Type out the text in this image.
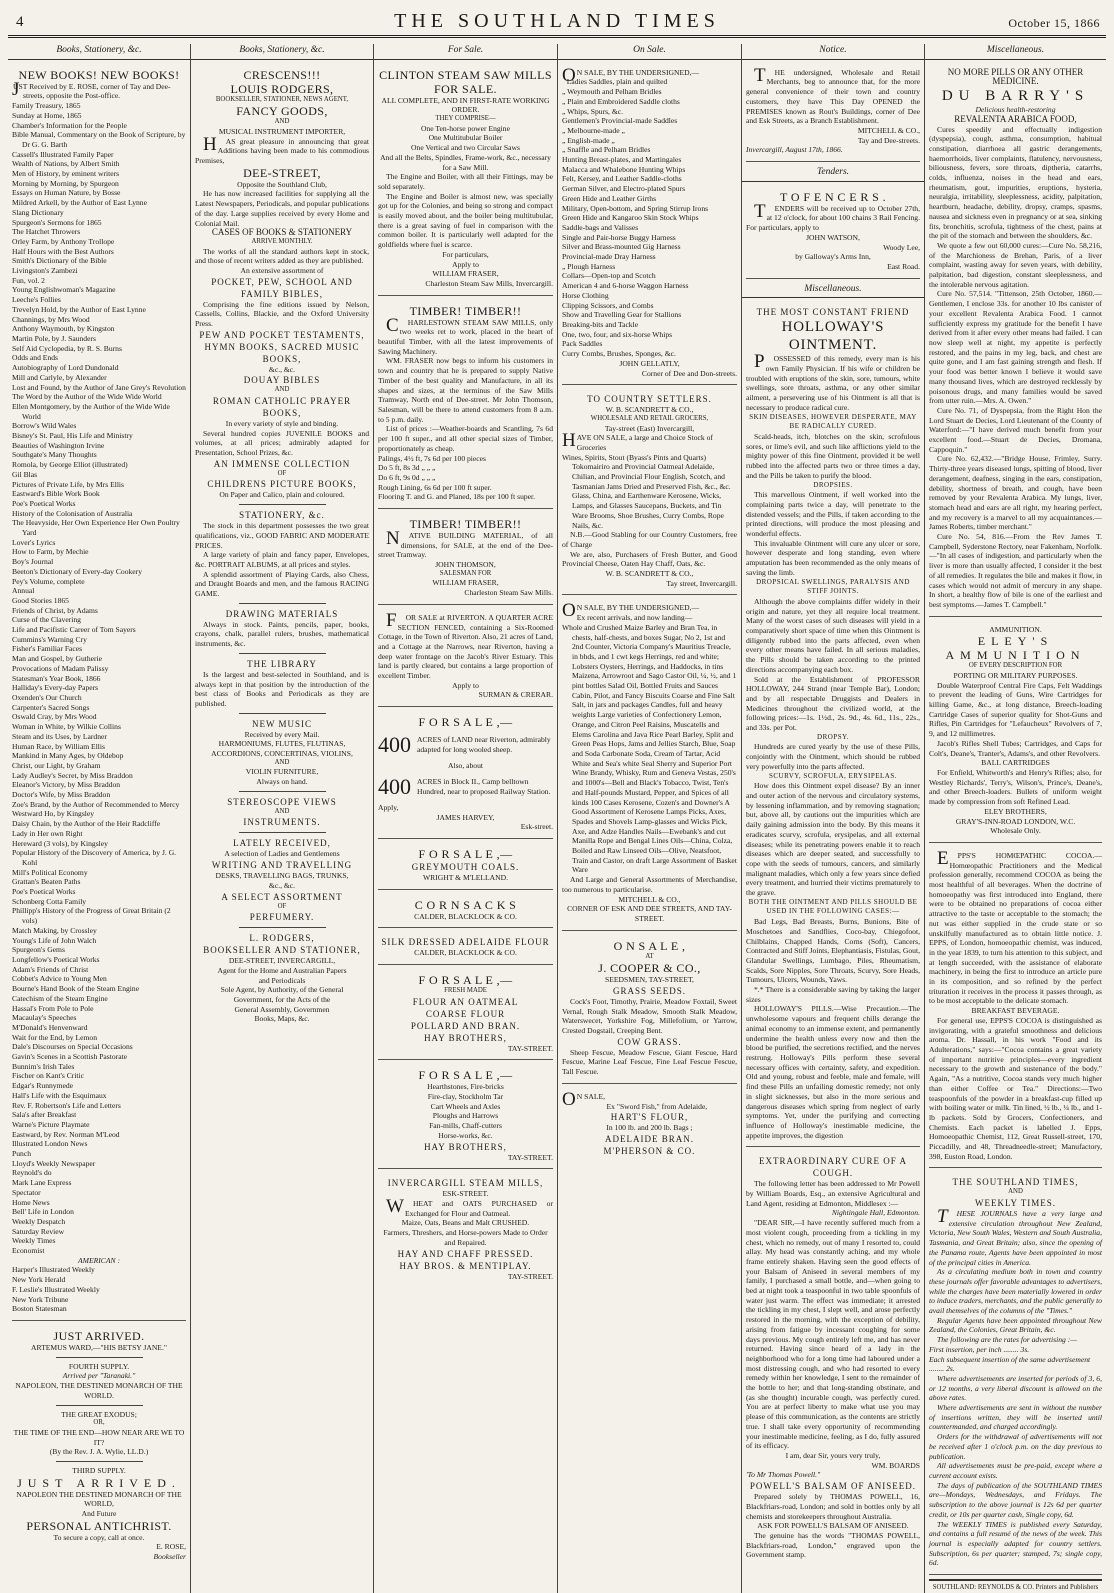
4	THE SOUTHLAND TIMES	October 15, 1866
Books, Stationery, &c.
NEW BOOKS! NEW BOOKS!

JUST Received by E. ROSE, corner of Tay and Dee-streets, opposite the Post-office.

Family Treasury, 1865
Sunday at Home, 1865
Chamber's Information for the People
Bible Manual, Commentary on the Book of Scripture, by Dr G. G. Barth
Cassell's Illustrated Family Paper
Wealth of Nations, by Albert Smith
Men of History, by eminent writers
Morning by Morning, by Spurgeon
Essays on Human Nature, by Bosse
Mildred Arkell, by the Author of East Lynne
Slang Dictionary
Spurgeon's Sermons for 1865
The Hatchet Throwers
Orley Farm, by Anthony Trollope
Half Hours with the Best Authors
Smith's Dictionary of the Bible
Livingston's Zambezi
Fun, vol. 2
Young Englishwoman's Magazine
Leeche's Follies
Trevelyn Hold, by the Author of East Lynne
Channings, by Mrs Wood
Anthony Waymouth, by Kingston
Martin Pole, by J. Saunders
Self Aid Cyclopedia, by R. S. Burns
Odds and Ends
Autobiography of Lord Dundonald
Mill and Carlyle, by Alexander
Lost and Found, by the Author of Jane Grey's Revolution
The Word by the Author of the Wide Wide World
Ellen Montgomery, by the Author of the Wide Wide World
Borrow's Wild Wales
Bisney's St. Paul, His Life and Ministry
Beauties of Washington Irvine
Southgate's Many Thoughts
Romola, by George Elliot (illustrated)
Gil Blas
Pictures of Private Life, by Mrs Ellis
Eastward's Bible Work Book
Poe's Poetical Works
History of the Colonisation of Australia
The Heavyside, Her Own Experience Her Own Poultry Yard
Lover's Lyrics
How to Farm, by Mechie
Boy's Journal
Beeton's Dictionary of Every-day Cookery
Pey's Volume, complete
Annual
Good Stories 1865
Friends of Christ, by Adams
Curse of the Clavering
Life and Pacifistic Career of Tom Sayers
Cummins's Warning Cry
Fisher's Familiar Faces
Man and Gospel, by Gutherie
Provocations of Madam Palissy
Statesman's Year Book, 1866
Halliday's Every-day Papers
Oxenden's Our Church
Carpenter's Sacred Songs
Oswald Cray, by Mrs Wood
Woman in White, by Wilkie Collins
Steam and its Uses, by Lardner
Human Race, by William Ellis
Mankind in Many Ages, by Oldebop
Christ, our Light, by Graham
Lady Audley's Secret, by Miss Braddon
Eleanor's Victory, by Miss Braddon
Doctor's Wife, by Miss Braddon
Zoe's Brand, by the Author of Recommended to Mercy
Westward Ho, by Kingsley
Daisy Chain, by the Author of the Heir Radcliffe
Lady in Her own Right
Hereward (3 vols), by Kingsley
Popular History of the Discovery of America, by J. G. Kohl
Mill's Political Economy
Grattan's Beaten Paths
Poe's Poetical Works
Schonberg Cotta Family
Phillipp's History of the Progress of Great Britain (2 vols)
Match Making, by Crossley
Young's Life of John Walch
Spurgeon's Gems
Longfellow's Poetical Works
Adam's Friends of Christ
Cobbet's Advice to Young Men
Bourne's Hand Book of the Steam Engine
Catechism of the Steam Engine
Hassal's From Pole to Pole
Macaulay's Speeches
M'Donald's Henvenward
Wait for the End, by Lemon
Dale's Discourses on Special Occasions
Gavin's Scenes in a Scottish Pastorate
Bunnim's Irish Tales
Fischer on Kant's Critic
Edgar's Runnymede
Hall's Life with the Esquimaux
Rev. F. Robertson's Life and Letters
Sala's after Breakfast
Warne's Picture Playmate
Eastward, by Rev. Norman M'Leod
Illustrated London News
Punch
Lloyd's Weekly Newspaper
Reynold's do
Mark Lane Express
Spectator
Home News
Bell' Life in London
Weekly Despatch
Saturday Review
Weekly Times
Economist
AMERICAN :
Harper's Illustrated Weekly
New York Herald
F. Leslie's Illustrated Weekly
New York Tribune
Boston Statesman
JUST ARRIVED.
ARTEMUS WARD,—"HIS BETSY JANE."
FOURTH SUPPLY.
Arrived per "Taranaki."
NAPOLEON, THE DESTINED MONARCH OF THE WORLD.
THE GREAT EXODUS;
OR,
THE TIME OF THE END—HOW NEAR ARE WE TO IT?
(By the Rev. J. A. Wylie, LL.D.)
THIRD SUPPLY.
JUST ARRIVED.
NAPOLEON THE DESTINED MONARCH OF THE WORLD,
And Future
PERSONAL ANTICHRIST.
To secure a copy, call at once.
E. ROSE,
Bookseller
Books, Stationery, &c.
CRESCENS!!!
LOUIS RODGERS,
BOOKSELLER, STATIONER, NEWS AGENT,
FANCY GOODS,
AND
MUSICAL INSTRUMENT IMPORTER,

HAS great pleasure in announcing that great Additions having been made to his commodious Premises,

DEE-STREET,
Opposite the Southland Club,

He has now increased facilities for supplying all the Latest Newspapers, Periodicals, and popular publications of the day. Large supplies received by every Home and Colonial Mail.

CASES OF BOOKS & STATIONERY
ARRIVE MONTHLY.

The works of all the standard authors kept in stock, and those of recent writers added as they are published.

An extensive assortment of
POCKET, PEW, SCHOOL AND FAMILY BIBLES,

Comprising the fine editions issued by Nelson, Cassells, Collins, Blackie, and the Oxford University Press.

PEW AND POCKET TESTAMENTS,
HYMN BOOKS, SACRED MUSIC BOOKS,
&c., &c.
DOUAY BIBLES
AND
ROMAN CATHOLIC PRAYER BOOKS,
In every variety of style and binding.

Several hundred copies JUVENILE BOOKS and volumes, at all prices; admirably adapted for Presentation, School Prizes, &c.

AN IMMENSE COLLECTION
OF
CHILDRENS PICTURE BOOKS,
On Paper and Calico, plain and coloured.
STATIONERY, &c.

The stock in this department possesses the two great qualifications, viz., GOOD FABRIC AND MODERATE PRICES.

A large variety of plain and fancy paper, Envelopes, &c. PORTRAIT ALBUMS, at all prices and styles.

A splendid assortment of Playing Cards, also Chess, and Draught Boards and men, and the famous RACING GAME.

DRAWING MATERIALS

Always in stock. Paints, pencils, paper, books, crayons, chalk, parallel rulers, brushes, mathematical instruments, &c.

THE LIBRARY

Is the largest and best-selected in Southland, and is always kept in that position by the introduction of the best class of Books and Periodicals as they are published.

NEW MUSIC
Received by every Mail.
HARMONIUMS, FLUTES, FLUTINAS, ACCORDIONS, CONCERTINAS, VIOLINS,
AND
VIOLIN FURNITURE,
Always on hand.
STEREOSCOPE VIEWS
AND
INSTRUMENTS.
LATELY RECEIVED,
A selection of Ladies and Gentlemens
WRITING AND TRAVELLING
DESKS, TRAVELLING BAGS, TRUNKS,
&c., &c.
A SELECT ASSORTMENT
OF
PERFUMERY.
L. RODGERS,
BOOKSELLER AND STATIONER,
DEE-STREET, INVERCARGILL,
Agent for the Home and Australian Papers
and Periodicals
Sole Agent, by Authority, of the General
Government, for the Acts of the
General Assembly, Governmen
Books, Maps, &c.
For Sale.
CLINTON STEAM SAW MILLS FOR SALE.
ALL COMPLETE, AND IN FIRST-RATE WORKING ORDER.
THEY COMPRISE—
One Ten-horse power Engine
One Multitubular Boiler
One Vertical and two Circular Saws
And all the Belts, Spindles, Frame-work, &c., necessary for a Saw Mill.

The Engine and Boiler, with all their Fittings, may be sold separately.

The Engine and Boiler is almost new, was specially got up for the Colonies, and being so strong and compact is easily moved about, and the boiler being multitubular, there is a great saving of fuel in comparison with the common boiler. It is particularly well adapted for the goldfields where fuel is scarce.

For particulars,
Apply to
WILLIAM FRASER,
Charleston Steam Saw Mills, Invercargill.
TIMBER! TIMBER!!

CHARLESTOWN STEAM SAW MILLS, only two weeks ret to work, placed in the heart of beautiful Timber, with all the latest improvements of Sawing Machinery.

WM. FRASER now begs to inform his customers in town and country that he is prepared to supply Native Timber of the best quality and Manufacture, in all its shapes and sizes, at the terminus of the Saw Mills Tramway, North end of Dee-street. Mr John Thomson, Salesman, will be there to attend customers from 8 a.m. to 5 p.m. daily.

List of prices :—Weather-boards and Scantling, 7s 6d per 100 ft super., and all other special sizes of Timber, proportionately as cheap.

Palings, 4½ ft, 7s 6d per 100 pieces
Do 5 ft, 8s 3d „ „ „
Do 6 ft, 9s 0d „ „ „
Rough Lining, 6s 6d per 100 ft super.
Flooring T. and G. and Planed, 18s per 100 ft super.
TIMBER! TIMBER!!

NATIVE BUILDING MATERIAL, of all dimensions, for SALE, at the end of the Dee-street Tramway.

JOHN THOMSON,
SALESMAN FOR
WILLIAM FRASER,
Charleston Steam Saw Mills.

FOR SALE at RIVERTON. A QUARTER ACRE SECTION FENCED, containing a Six-Roomed Cottage, in the Town of Riverton. Also, 21 acres of Land, and a Cottage at the Narrows, near Riverton, having a deep water frontage on the Jacob's River Estuary. This land is partly cleared, but contains a large proportion of excellent Timber.

Apply to
SURMAN & CRERAR.
F O R S A L E ,—
400 ACRES of LAND near Riverton, admirably adapted for long wooled sheep.
Also, about
400 ACRES in Block II., Camp belltown Hundred, near to proposed Railway Station.
Apply,
JAMES HARVEY,
Esk-street.
F O R S A L E ,—
GREYMOUTH COALS.
WRIGHT & M'LELLAND.
C O R N S A C K S
CALDER, BLACKLOCK & CO.
SILK DRESSED ADELAIDE FLOUR
CALDER, BLACKLOCK & CO.
F O R S A L E ,—
FRESH MADE
FLOUR AN OATMEAL
COARSE FLOUR
POLLARD AND BRAN.
HAY BROTHERS,
TAY-STREET.
F O R S A L E ,—
Hearthstones, Fire-bricks
Fire-clay, Stockholm Tar
Cart Wheels and Axles
Ploughs and Harrows
Fan-mills, Chaff-cutters
Horse-works, &c.
HAY BROTHERS,
TAY-STREET.
INVERCARGILL STEAM MILLS,
ESK-STREET.

WHEAT and OATS PURCHASED or Exchanged for Flour and Oatmeal.

Maize, Oats, Beans and Malt CRUSHED.
Farmers, Threshers, and Horse-powers Made to Order and Repaired.
HAY AND CHAFF PRESSED.
HAY BROS. & MENTIPLAY.
TAY-STREET.
On Sale.

ON SALE, BY THE UNDERSIGNED,—

Ladies Saddles, plain and quilted
„ Weymouth and Pelham Bridles
„ Plain and Embroidered Saddle cloths
„ Whips, Spurs, &c.
Gentlemen's Provincial-made Saddles
„ Melbourne-made „
„ English-made „
„ Snaffle and Pelham Bridles
Hunting Breast-plates, and Martingales
Malacca and Whalebone Hunting Whips
Felt, Kersey, and Leather Saddle-cloths
German Silver, and Electro-plated Spurs
Green Hide and Leather Girths
Military, Open-bottom, and Spring Stirrup Irons
Green Hide and Kangaroo Skin Stock Whips
Saddle-bags and Valisses
Single and Pair-horse Buggy Harness
Silver and Brass-mounted Gig Harness
Provincial-made Dray Harness
„ Plough Harness
Collars—Open-top and Scotch
American 4 and 6-horse Waggon Harness
Horse Clothing
Clipping Scissors, and Combs
Show and Travelling Gear for Stallions
Breaking-bits and Tackle
One, two, four, and six-horse Whips
Pack Saddles
Curry Combs, Brushes, Sponges, &c.
JOHN GELLATLY,
Corner of Dee and Don-streets.
TO COUNTRY SETTLERS.
W. B. SCANDRETT & CO.,
WHOLESALE AND RETAIL GROCERS,
Tay-street (East) Invercargill,

HAVE ON SALE, a large and Choice Stock of Groceries

Wines, Spirits, Stout (Byass's Pints and Quarts) Tokomairiro and Provincial Oatmeal Adelaide, Chilian, and Provincial Flour English, Scotch, and Tasmanian Jams Dried and Preserved Fish, &c., &c. Glass, China, and Earthenware Kerosene, Wicks, Lamps, and Glasses Saucepans, Buckets, and Tin Ware Brooms, Shoe Brushes, Curry Combs, Rope Nails, &c.

N.B.—Good Stabling for our Country Customers, free of Charge

We are, also, Purchasers of Fresh Butter, and Good Provincial Cheese, Oaten Hay Chaff, Oats, &c.

W. B. SCANDRETT & CO.,
Tay street, Invercargill.

ON SALE, BY THE UNDERSIGNED,—

Ex recent arrivals, and now landing—

Whole and Crushed Maize Barley and Bran Tea, in chests, half-chests, and boxes Sugar, No 2, 1st and 2nd Counter, Victoria Company's Mauritius Treacle, in bhds, and 1 cwt kegs Herrings, red and white; Lobsters Oysters, Herrings, and Haddocks, in tins Maizena, Arrowroot and Sago Castor Oil, ¼, ½, and 1 pint bottles Salad Oil, Bottled Fruits and Sauces Cabin, Pilot, and Fancy Biscuits Coarse and Fine Salt Salt, in jars and packages Candles, full and heavy weights Large varieties of Confectionery Lemon, Orange, and Citron Peel Raisins, Muscatells and Elems Carolina and Java Rice Pearl Barley, Split and Green Peas Hops, Jams and Jellies Starch, Blue, Soap and Soda Carbonate Soda, Cream of Tartar, Acid White and Sea's white Seal Sherry and Superior Port Wine Brandy, Whisky, Rum and Geneva Vestas, 250's and 1000's—Bell and Black's Tobacco, Twist, Ten's and Half-pounds Mustard, Pepper, and Spices of all kinds 100 Cases Kerosene, Cozen's and Downer's A Good Assortment of Kerosene Lamps Picks, Axes, Spades and Shovels Lamp-glasses and Wicks Pick, Axe, and Adze Handles Nails—Ewebank's and cut Manilla Rope and Bengal Lines Oils—China, Colza, Boiled and Raw Linseed Oils—Olive, Neatsfoot, Train and Castor, on draft Large Assortment of Basket Ware

And Large and General Assortments of Merchandise, too numerous to particularise.

MITCHELL & CO.,
CORNER OF ESK AND DEE STREETS, AND TAY-STREET.
O N S A L E ,
AT
J. COOPER & CO.,
SEEDSMEN, TAY-STREET,
GRASS SEEDS.

Cock's Foot, Timothy, Prairie, Meadow Foxtail, Sweet Vernal, Rough Stalk Meadow, Smooth Stalk Meadow, Waterswecet, Yorkshire Fog, Millefolium, or Yarrow, Crested Dogstail, Creeping Bent.

COW GRASS.

Sheep Fescue, Meadow Fescue, Giant Fescue, Hard Fescue, Marine Leaf Fescue, Fine Leaf Fescue Fescue, Tall Fescue.

ON SALE,

Ex "Sword Fish," from Adelaide,
HART'S FLOUR,
In 100 lb. and 200 lb. Bags ;
ADELAIDE BRAN.
M'PHERSON & CO.
Notice.

THE undersigned, Wholesale and Retail Merchants, beg to announce that, for the more general convenience of their town and country customers, they have This Day OPENED the PREMISES known as Rout's Buildings, corner of Dee and Esk Streets, as a Branch Establishment.

MITCHELL & CO.,
Tay and Dee-streets.
Invercargill, August 17th, 1866.
Tenders.
T O F E N C E R S .

TENDERS will be received up to October 27th, at 12 o'clock, for about 100 chains 3 Rail Fencing. For particulars, apply to

JOHN WATSON,
Woody Lee,
by Galloway's Arms Inn,
East Road.
Miscellaneous.
THE MOST CONSTANT FRIEND
HOLLOWAY'S OINTMENT.

POSSESSED of this remedy, every man is his own Family Physician. If his wife or children be troubled with eruptions of the skin, sore, tumours, white swellings, sore throats, asthma, or any other similar ailment, a persevering use of his Ointment is all that is necessary to produce radical cure.

SKIN DISEASES, HOWEVER DESPERATE, MAY BE RADICALLY CURED.

Scald-heads, itch, blotches on the skin, scrofulous sores, or lime's evil, and such like afflictions yield to the mighty power of this fine Ointment, provided it be well rubbed into the affected parts two or three times a day, and the Pills be taken to purify the blood.

DROPSIES.

This marvellous Ointment, if well worked into the complaining parts twice a day, will penetrate to the distended vessels; and the Pills, if taken according to the printed directions, will produce the most pleasing and wonderful effects.

This invaluable Ointment will cure any ulcer or sore, however desperate and long standing, even where amputation has been recommended as the only means of saving the limb.

DROPSICAL SWELLINGS, PARALYSIS AND STIFF JOINTS.

Although the above complaints differ widely in their origin and nature, yet they all require local treatment. Many of the worst cases of such diseases will yield in a comparatively short space of time when this Ointment is diligently rubbed into the parts affected, even when every other means have failed. In all serious maladies, the Pills should be taken according to the printed directions accompanying each box.

Sold at the Establishment of PROFESSOR HOLLOWAY, 244 Strand (near Temple Bar), London; and by all respectable Druggists and Dealers in Medicines throughout the civilized world, at the following prices:—1s. 1½d., 2s. 9d., 4s. 6d., 11s., 22s., and 33s. per Pot.

DROPSY.

Hundreds are cured yearly by the use of these Pills, conjointly with the Ointment, which should be rubbed very powerfully into the parts affected.

SCURVY, SCROFULA, ERYSIPELAS.

How does this Ointment expel disease? By an inner and outer action of the nervous and circulatory systems, by lessening inflammation, and by removing stagnation; but, above all, by cautions out the impurities which are daily gaining admission into the body. By this means it eradicates scurvy, scrofula, erysipelas, and all external diseases; while its penetrating powers enable it to reach diseases which are deeper seated, and successfully to cope with the seeds of tumours, cancers, and similarly malignant maladies, which only a few years since defied every treatment, and hurried their victims prematurely to the grave.

BOTH THE OINTMENT AND PILLS SHOULD BE USED IN THE FOLLOWING CASES:—

Bad Legs, Bad Breasts, Burns, Bunions, Bite of Moschetoes and Sandflies, Coco-bay, Chiegofoot, Chilblains, Chapped Hands, Corns (Soft), Cancers, Contracted and Stiff Joints, Elephantiasis, Fistulas, Gout, Glandular Swellings, Lumbago, Piles, Rheumatism, Scalds, Sore Nipples, Sore Throats, Scurvy, Sore Heads, Tumours, Ulcers, Wounds, Yaws.

*.* There is a considerable saving by taking the larger sizes

HOLLOWAY'S PILLS.—Wise Precaution.—The unwholesome vapours and frequent chills derange the animal economy to an immense extent, and permanently undermine the health unless every now and then the blood be purified, the secretions rectified, and the nerves restrung. Holloway's Pills perform these several necessary offices with certainty, safety, and expedition. Old and young, robust and feeble, male and female, will find these Pills an unfailing domestic remedy; not only in slight sicknesses, but also in the more serious and dangerous diseases which spring from neglect of early symptoms. Yet, under the purifying and correcting influence of Holloway's inestimable medicine, the appetite improves, the digestion

EXTRAORDINARY CURE OF A COUGH.

The following letter has been addressed to Mr Powell by William Boards, Esq., an extensive Agricultural and Land Agent, residing at Edmonton, Middlesex :—

Nightingale Hall, Edmonton.

"DEAR SIR,—I have recently suffered much from a most violent cough, proceeding from a tickling in my chest, which no remedy, out of many I resorted to, could allay. My head was constantly aching, and my whole frame entirely shaken. Having seen the good effects of your Balsam of Aniseed in several members of my family, I purchased a small bottle, and—when going to bed at night took a teaspoonful in two table spoonfuls of water just warm. The effect was immediate; it arrested the tickling in my chest, I slept well, and arose perfectly restored in the morning, with the exception of debility, arising from fatigue by incessant coughing for some days previous. My cough entirely left me, and has never returned. Having since heard of a lady in the neighborhood who for a long time had laboured under a most distressing cough, and who had resorted to every remedy within her knowledge, I sent to the remainder of the bottle to her; and that long-standing obstinate, and (as she thought) incurable cough, was perfectly cured. You are at perfect liberty to make what use you may please of this communication, as the contents are strictly true. I shall take every opportunity of recommending your inestimable medicine, feeling, as I do, fully assured of its efficacy.

I am, dear Sir, yours very truly,
WM. BOARDS
'To Mr Thomas Powell."
POWELL'S BALSAM OF ANISEED.

Prepared solely by THOMAS POWELL, 16, Blackfriars-road, London; and sold in bottles only by all chemists and storekeepers throughout Australia.

ASK FOR POWELL'S BALSAM OF ANISEED.

The genuine has the words "THOMAS POWELL, Blackfriars-road, London," engraved upon the Government stamp.

Miscellaneous.
NO MORE PILLS OR ANY OTHER MEDICINE.
DU BARRY'S
Delicious health-restoring
REVALENTA ARABICA FOOD,

Cures speedily and effectually indigestion (dyspepsia), cough, asthma, consumption, habitual constipation, diarrhoea all gastric derangements, haemorrhoids, liver complaints, flatulency, nervousness, biliousness, fevers, sore throats, diptheria, catarrhs, colds, influenza, noises in the head and ears, rheumatism, gout, impurities, eruptions, hysteria, neuralgia, irritability, sleeplessness, acidity, palpitation, heartburn, headache, debility, dropsy, cramps, spasms, nausea and sickness even in pregnancy or at sea, sinking fits, bronchitis, scrofula, tightness of the chest, pains at the pit of the stomach and between the shoulders, &c.

We quote a few out 60,000 cures:—Cure No. 58,216, of the Marchioness de Brehan, Paris, of a liver complaint, wasting away for seven years, with debility, palpitation, bad digestion, constant sleeplessness, and the intolerable nervous agitation.

Cure No. 57,514. "Tittenson, 25th October, 1860.—Gentlemen, I enclose 33s. for another 10 lbs canister of your excellent Revalenta Arabica Food. I cannot sufficiently express my gratitude for the benefit I have derived from it after every other means had failed. I can now sleep well at night, my appetite is perfectly restored, and the pains in my leg, back, and chest are quite gone, and I am fast gaining strength and flesh. If your food was better known I believe it would save many thousand lives, which are destroyed recklessly by poisonous drugs, and many families would be saved from utter ruin.—Mrs. A. Owen."

Cure No. 71, of Dyspepsia, from the Right Hon the Lord Stuart de Decies, Lord Lieutenant of the County of Waterford:—"I have derived much benefit from your excellent food.—Stuart de Decies, Dromana, Cappoquin."

Cure No. 62,432.—"Bridge House, Frimley, Surry. Thirty-three years diseased lungs, spitting of blood, liver derangement, deafness, singing in the ears, constipation, debility, shortness of breath, and cough, have been removed by your Revalenta Arabica. My lungs, liver, stomach head and ears are all right, my hearing perfect, and my recovery is a marvel to all my acquaintances.—James Roberts, timber merchant."

Cure No. 54, 816.—From the Rev James T. Campbell, Syderstone Rectory, near Fakenham, Norfolk.—"In all cases of indigestion, and particularly when the liver is more than usually affected, I consider it the best of all remedies. It regulates the bile and makes it flow, in cases which would not admit of mercury in any shape. In short, a healthy flow of bile is one of the earliest and best symptoms.—James T. Campbell."

AMMUNITION.
ELEY'S AMMUNITION
OF EVERY DESCRIPTION FOR
PORTING OR MILITARY PURPOSES.

Double Waterproof Central Fire Caps, Felt Waddings to prevent the leading of Guns, Wire Cartridges for killing Game, &c., at long distance, Breech-loading Cartridge Cases of superior quality for Shot-Guns and Rifles, Pin Cartridges for "Lefaucheux" Revolvers of 7, 9, and 12 millimetres.

Jacob's Rifles Shell Tubes; Cartridges, and Caps for Colt's, Deane's, Tranter's, Adams's, and other Revolvers.

BALL CARTRIDGES

For Enfield, Whitworth's and Henry's Rifles; also, for Westley Richards', Terry's, Wilson's, Prince's, Deane's, and other Breech-loaders. Bullets of uniform weight made by compression from soft Refined Lead.

ELEY BROTHERS,
GRAY'S-INN-ROAD LONDON, W.C.
Wholesale Only.

EPPS'S HOMŒPATHIC COCOA.—Homœopathic Practitioners and the Medical profession generally, recommend COCOA as being the most healthful of all beverages. When the doctrine of homoeopathy was first introduced into England, there were to be obtained no preparations of cocoa either attractive to the taste or acceptable to the stomach; the nut was either supplied in the crude state or so unskilfully manufactured as to obtain little notice. J. EPPS, of London, homoeopathic chemist, was induced, in the year 1839, to turn his attention to this subject, and at length succeeded, with the assistance of elaborate machinery, in being the first to introduce an article pure in its composition, and so refined by the perfect trituration it receives in the process it passes through, as to be most acceptable to the delicate stomach.

BREAKFAST BEVERAGE.

For general use, EPPS'S COCOA is distinguished as invigorating, with a grateful smoothness and delicious aroma. Dr. Hassall, in his work "Food and its Adulterations," says:—"Cocoa contains a great variety of important nutritive principles—every ingredient necessary to the growth and sustenance of the body." Again, "As a nutritive, Cocoa stands very much higher than either Coffee or Tea." Directions:—Two teaspoonfuls of the powder in a breakfast-cup filled up with boiling water or milk. Tin lined, ½ lb., ¼ lb., and 1-lb packets. Sold by Grocers, Confectioners, and Chemists. Each packet is labelled J. Epps, Homoeopathic Chemist, 112, Great Russell-street, 170, Piccadilly, and 48, Threadneedle-street; Manufactory, 398, Euston Road, London.

THE SOUTHLAND TIMES,
AND
WEEKLY TIMES.

THESE JOURNALS have a very large and extensive circulation throughout New Zealand, Victoria, New South Wales, Western and South Australia, Tasmania, and Great Britain; also, since the opening of the Panama route, Agents have been appointed in most of the principal cities in America.

As a circulating medium both in town and country these journals offer favorable advantages to advertisers, while the charges have been materially lowered in order to induce traders, merchants, and the public generally to avail themselves of the columns of the "Times."

Regular Agents have been appointed throughout New Zealand, the Colonies, Great Britain, &c.

The following are the rates for advertising :—

First insertion, per inch ........ 3s.
Each subsequent insertion of the same advertisement ........ 2s.

Where advertisements are inserted for periods of 3, 6, or 12 months, a very liberal discount is allowed on the above rates.

Where advertisements are sent in without the number of insertions written, they will be inserted until countermanded, and charged accordingly.

Orders for the withdrawal of advertisements will not be received after 1 o'clock p.m. on the day previous to publication.

All advertisements must be pre-paid, except where a current account exists.

The days of publication of the SOUTHLAND TIMES are—Mondays, Wednesdays, and Fridays. The subscription to the above journal is 12s 6d per quarter credit, or 10s per quarter cash, Single copy, 6d.

The WEEKLY TIMES is published every Saturday, and contains a full resumé of the news of the week. This journal is especially adapted for country settlers. Subscription, 6s per quarter; stamped, 7s; single copy, 6d.

SOUTHLAND: REYNOLDS & CO. Printers and Publishers
